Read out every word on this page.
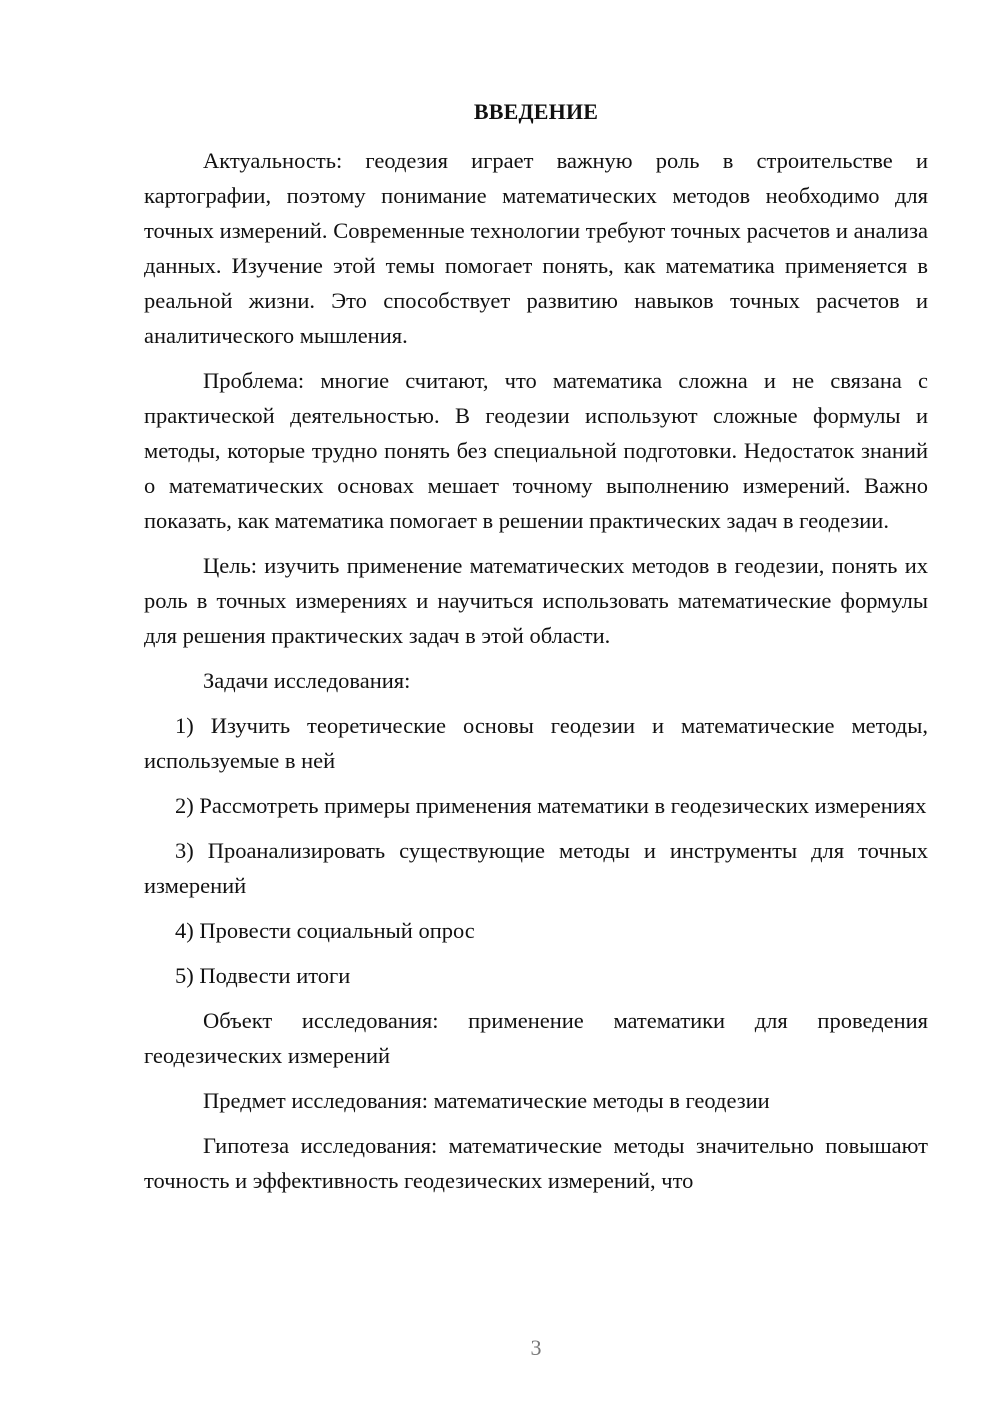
ВВЕДЕНИЕ

Актуальность: геодезия играет важную роль в строительстве и картографии, поэтому понимание математических методов необходимо для точных измерений. Современные технологии требуют точных расчетов и анализа данных. Изучение этой темы помогает понять, как математика применяется в реальной жизни. Это способствует развитию навыков точных расчетов и аналитического мышления.

Проблема: многие считают, что математика сложна и не связана с практической деятельностью. В геодезии используют сложные формулы и методы, которые трудно понять без специальной подготовки. Недостаток знаний о математических основах мешает точному выполнению измерений. Важно показать, как математика помогает в решении практических задач в геодезии.

Цель: изучить применение математических методов в геодезии, понять их роль в точных измерениях и научиться использовать математические формулы для решения практических задач в этой области.

Задачи исследования:

1) Изучить теоретические основы геодезии и математические методы, используемые в ней

2) Рассмотреть примеры применения математики в геодезических измерениях

3) Проанализировать существующие методы и инструменты для точных измерений

4) Провести социальный опрос

5) Подвести итоги

Объект исследования: применение математики для проведения геодезических измерений

Предмет исследования: математические методы в геодезии

Гипотеза исследования: математические методы значительно повышают точность и эффективность геодезических измерений, что

3
